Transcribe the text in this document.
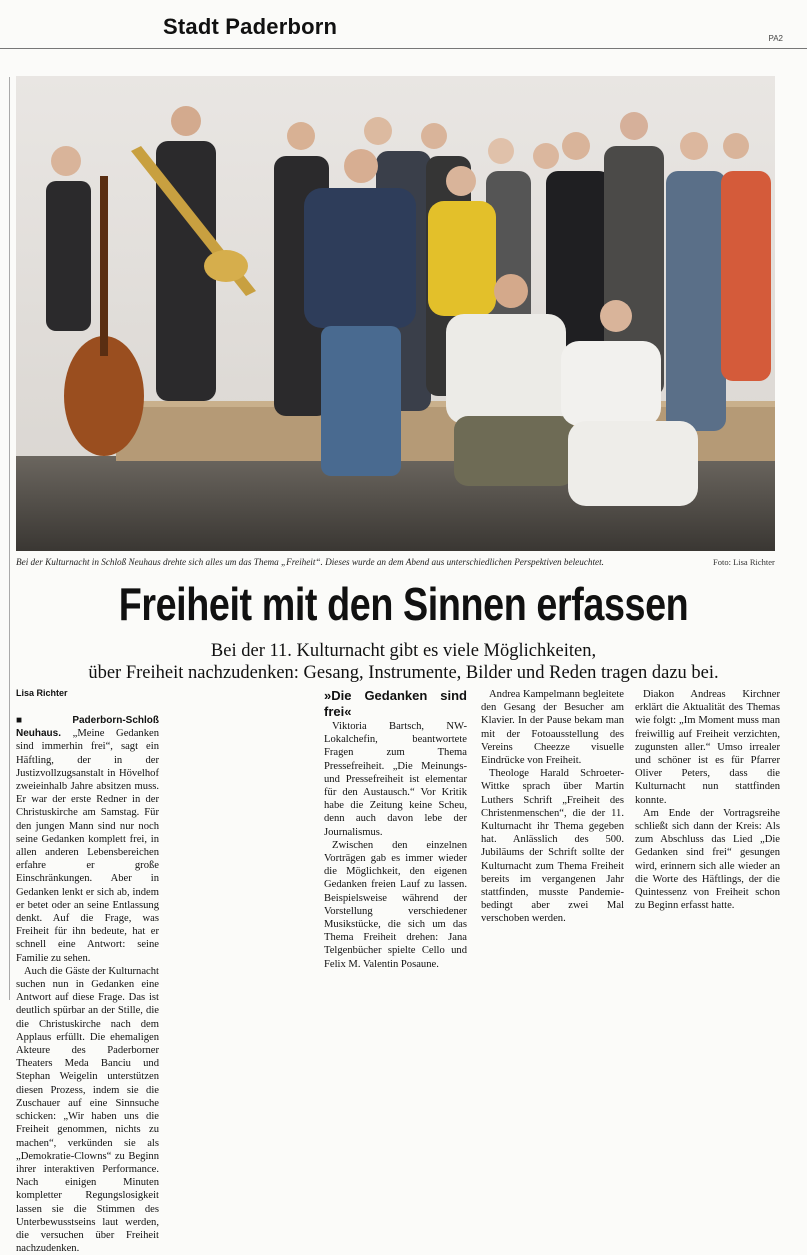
Stadt Paderborn	PA2
Bei der Kulturnacht in Schloß Neuhaus drehte sich alles um das Thema „Freiheit“. Dieses wurde an dem Abend aus unterschiedlichen Perspektiven beleuchtet.	Foto: Lisa Richter
Freiheit mit den Sinnen erfassen
Bei der 11. Kulturnacht gibt es viele Möglichkeiten,
über Freiheit nachzudenken: Gesang, Instrumente, Bilder und Reden tragen dazu bei.
Lisa Richter

■ Paderborn-Schloß Neuhaus. „Meine Gedanken sind immerhin frei“, sagt ein Häftling, der in der Justizvollzugsanstalt in Hövelhof zweieinhalb Jahre absitzen muss. Er war der erste Redner in der Christuskirche am Samstag. Für den jungen Mann sind nur noch seine Gedanken komplett frei, in allen anderen Lebensbereichen erfahre er große Einschränkungen. Aber in Gedanken lenkt er sich ab, indem er betet oder an seine Entlassung denkt. Auf die Frage, was Freiheit für ihn bedeute, hat er schnell eine Antwort: seine Familie zu sehen.

Auch die Gäste der Kulturnacht suchen nun in Gedanken eine Antwort auf diese Frage. Das ist deutlich spürbar an der Stille, die die Christuskirche nach dem Applaus erfüllt. Die ehemaligen Akteure des Paderborner Theaters Meda Banciu und Stephan Weigelin unterstützen diesen Prozess, indem sie die Zuschauer auf eine Sinnsuche schicken: „Wir haben uns die Freiheit genommen, nichts zu machen“, verkünden sie als „Demokratie-Clowns“ zu Beginn ihrer interaktiven Performance. Nach einigen Minuten kompletter Regungslosigkeit lassen sie die Stimmen des Unterbewusstseins laut werden, die versuchen über Freiheit nachzudenken.

»Die Gedanken sind frei«

Viktoria Bartsch, NW-Lokalchefin, beantwortete Fragen zum Thema Pressefreiheit. „Die Meinungs- und Pressefreiheit ist elementar für den Austausch.“ Vor Kritik habe die Zeitung keine Scheu, denn auch davon lebe der Journalismus.

Zwischen den einzelnen Vorträgen gab es immer wieder die Möglichkeit, den eigenen Gedanken freien Lauf zu lassen. Beispielsweise während der Vorstellung verschiedener Musikstücke, die sich um das Thema Freiheit drehen: Jana Telgenbücher spielte Cello und Felix M. Valentin Posaune.

Andrea Kampelmann begleitete den Gesang der Besucher am Klavier. In der Pause bekam man mit der Fotoausstellung des Vereins Cheezze visuelle Eindrücke von Freiheit.

Theologe Harald Schroeter-Wittke sprach über Martin Luthers Schrift „Freiheit des Christenmenschen“, die der 11. Kulturnacht ihr Thema gegeben hat. Anlässlich des 500. Jubiläums der Schrift sollte der Kulturnacht zum Thema Freiheit bereits im vergangenen Jahr stattfinden, musste Pandemie-bedingt aber zwei Mal verschoben werden.

Diakon Andreas Kirchner erklärt die Aktualität des Themas wie folgt: „Im Moment muss man freiwillig auf Freiheit verzichten, zugunsten aller.“ Umso irrealer und schöner ist es für Pfarrer Oliver Peters, dass die Kulturnacht nun stattfinden konnte.

Am Ende der Vortragsreihe schließt sich dann der Kreis: Als zum Abschluss das Lied „Die Gedanken sind frei“ gesungen wird, erinnern sich alle wieder an die Worte des Häftlings, der die Quintessenz von Freiheit schon zu Beginn erfasst hatte.
